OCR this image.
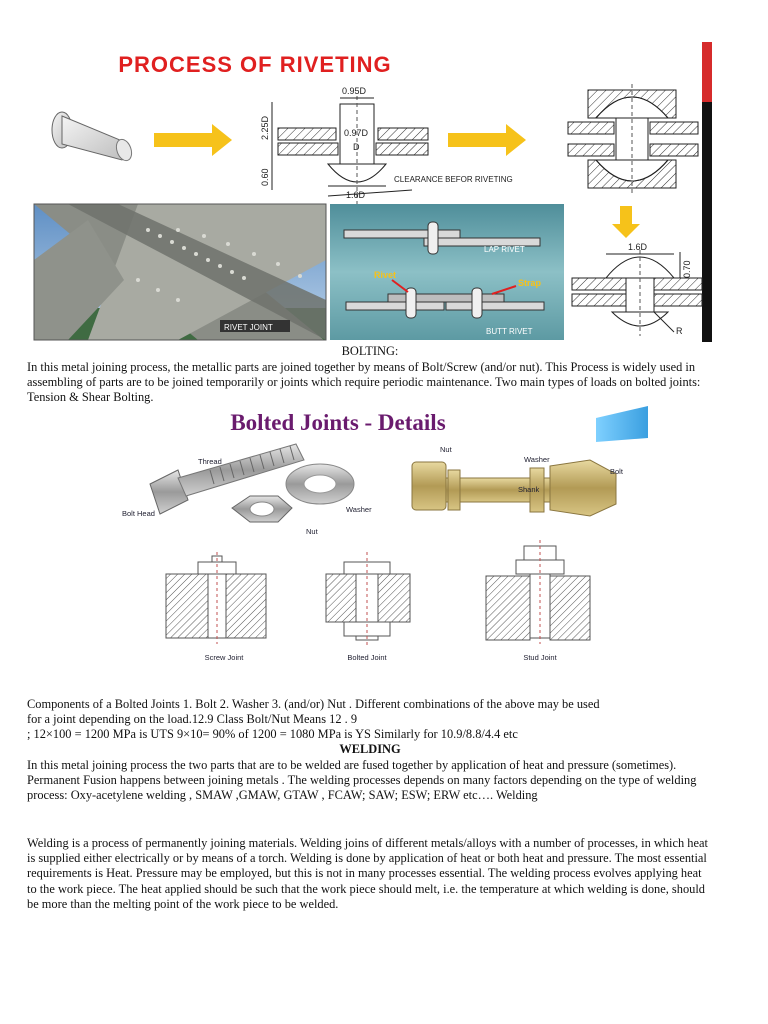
PROCESS OF RIVETING
0.95D
2.25D	0.97D
D
0.60
1.6D
CLEARANCE BEFOR RIVETING
1.6D
0.70
R
RIVET JOINT
LAP RIVET
Rivet
Strap
BUTT RIVET
BOLTING:
In this metal joining process, the metallic parts are joined together by means of Bolt/Screw (and/or nut). This Process is widely used in assembling of parts are to be joined temporarily or joints which require periodic maintenance. Two main types of loads on bolted joints: Tension & Shear Bolting.
Bolted Joints - Details
Thread
Bolt Head	Washer
Nut
Nut
Washer
Bolt
Shank
Screw Joint	Bolted Joint	Stud Joint
Components of a Bolted Joints 1. Bolt 2. Washer 3. (and/or) Nut . Different combinations of the above may be used
for a joint depending on the load.12.9 Class Bolt/Nut Means 12 . 9
; 12×100 = 1200 MPa is UTS 9×10= 90% of 1200 = 1080 MPa is YS Similarly for 10.9/8.8/4.4 etc
WELDING
In this metal joining process the two parts that are to be welded are fused together by application of heat and pressure (sometimes). Permanent Fusion happens between joining metals . The welding processes depends on many factors depending on the type of welding process: Oxy-acetylene welding , SMAW ,GMAW, GTAW , FCAW; SAW; ESW; ERW etc…. Welding
Welding is a process of permanently joining materials. Welding joins of different metals/alloys with a number of processes, in which heat is supplied either electrically or by means of a torch. Welding is done by application of heat or both heat and pressure. The most essential requirements is Heat. Pressure may be employed, but this is not in many processes essential. The welding process evolves applying heat to the work piece. The heat applied should be such that the work piece should melt, i.e. the temperature at which welding is done, should be more than the melting point of the work piece to be welded.
